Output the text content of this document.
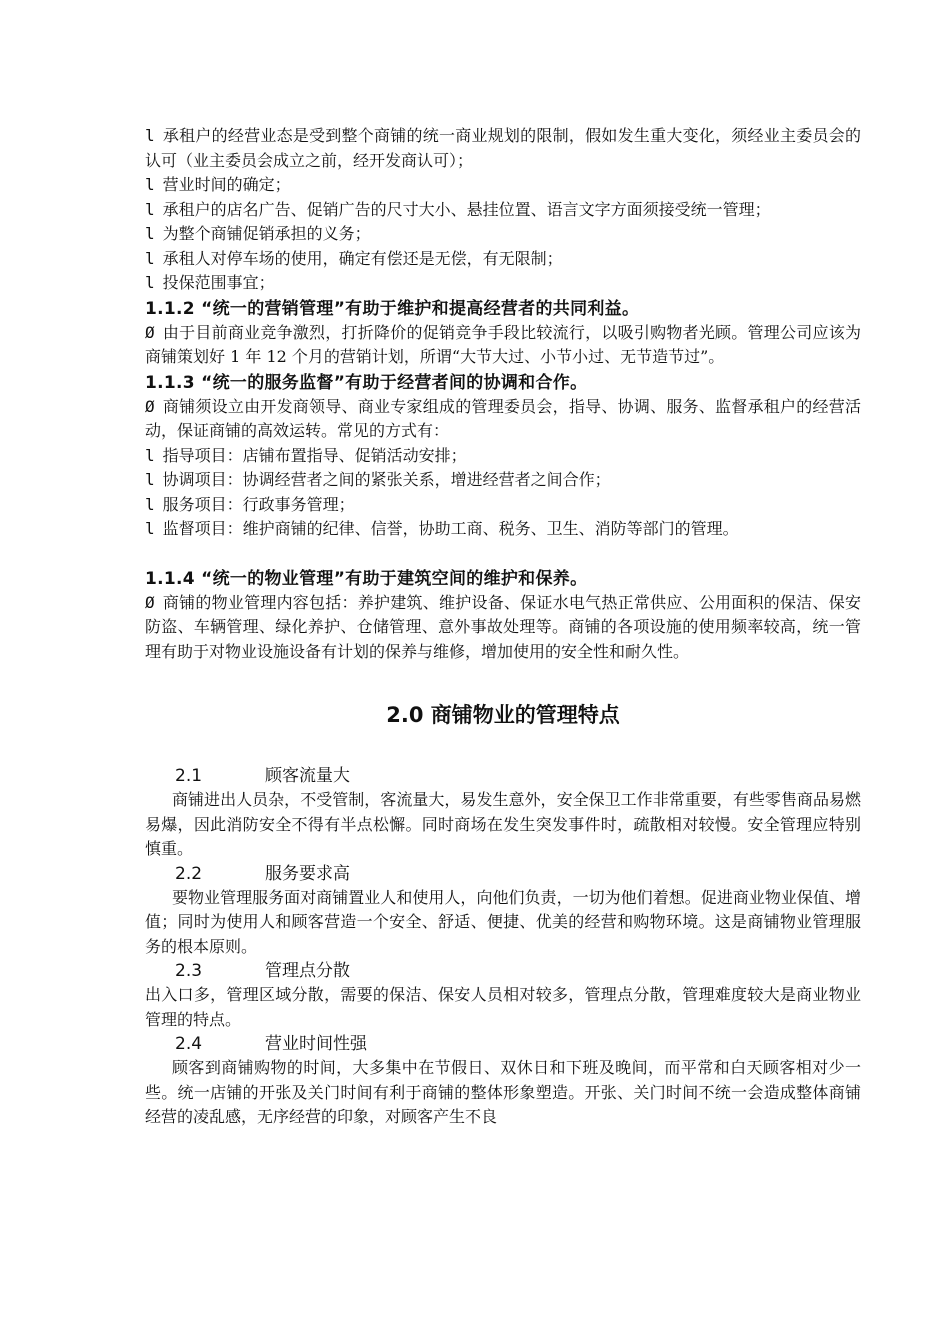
l 承租户的经营业态是受到整个商铺的统一商业规划的限制，假如发生重大变化，须经业主委员会的认可（业主委员会成立之前，经开发商认可）；

l 营业时间的确定；

l 承租户的店名广告、促销广告的尺寸大小、悬挂位置、语言文字方面须接受统一管理；

l 为整个商铺促销承担的义务；

l 承租人对停车场的使用，确定有偿还是无偿，有无限制；

l 投保范围事宜；

1.1.2 “统一的营销管理”有助于维护和提高经营者的共同利益。

Ø 由于目前商业竞争激烈，打折降价的促销竞争手段比较流行，以吸引购物者光顾。管理公司应该为商铺策划好 1 年 12 个月的营销计划，所谓“大节大过、小节小过、无节造节过”。

1.1.3 “统一的服务监督”有助于经营者间的协调和合作。

Ø 商铺须设立由开发商领导、商业专家组成的管理委员会，指导、协调、服务、监督承租户的经营活动，保证商铺的高效运转。常见的方式有：

l 指导项目：店铺布置指导、促销活动安排；

l 协调项目：协调经营者之间的紧张关系，增进经营者之间合作；

l 服务项目：行政事务管理；

l 监督项目：维护商铺的纪律、信誉，协助工商、税务、卫生、消防等部门的管理。

1.1.4 “统一的物业管理”有助于建筑空间的维护和保养。

Ø 商铺的物业管理内容包括：养护建筑、维护设备、保证水电气热正常供应、公用面积的保洁、保安防盗、车辆管理、绿化养护、仓储管理、意外事故处理等。商铺的各项设施的使用频率较高，统一管理有助于对物业设施设备有计划的保养与维修，增加使用的安全性和耐久性。

2.0 商铺物业的管理特点

2.1	顾客流量大

商铺进出人员杂，不受管制，客流量大，易发生意外，安全保卫工作非常重要，有些零售商品易燃易爆，因此消防安全不得有半点松懈。同时商场在发生突发事件时，疏散相对较慢。安全管理应特别慎重。

2.2	服务要求高

要物业管理服务面对商铺置业人和使用人，向他们负责，一切为他们着想。促进商业物业保值、增值；同时为使用人和顾客营造一个安全、舒适、便捷、优美的经营和购物环境。这是商铺物业管理服务的根本原则。

2.3	管理点分散

出入口多，管理区域分散，需要的保洁、保安人员相对较多，管理点分散，管理难度较大是商业物业管理的特点。

2.4	营业时间性强

顾客到商铺购物的时间，大多集中在节假日、双休日和下班及晚间，而平常和白天顾客相对少一些。统一店铺的开张及关门时间有利于商铺的整体形象塑造。开张、关门时间不统一会造成整体商铺经营的凌乱感，无序经营的印象，对顾客产生不良
